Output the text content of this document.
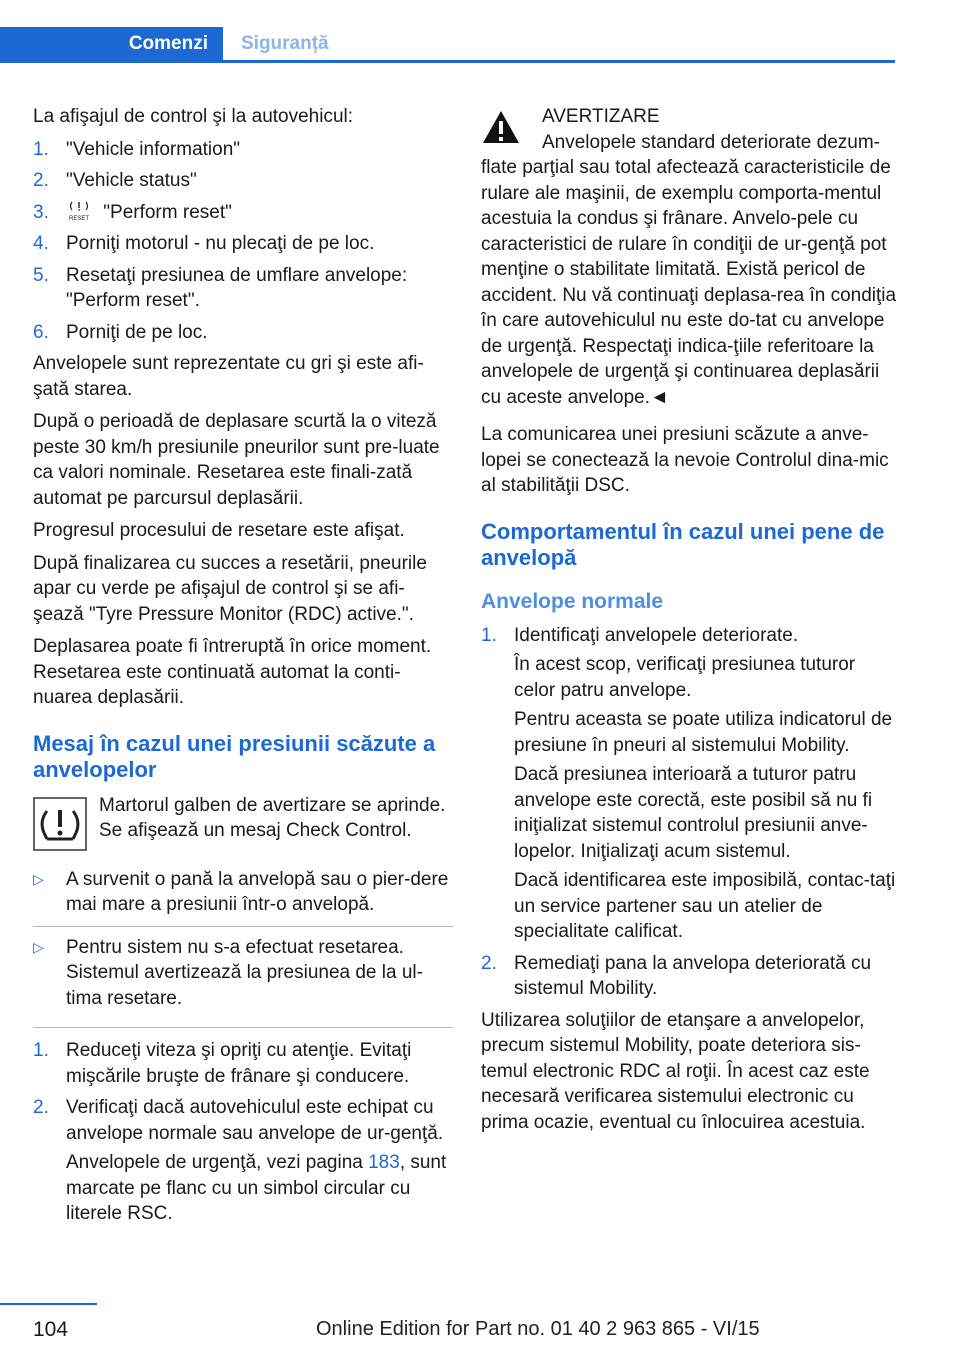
Comenzi	Siguranță

La afişajul de control şi la autovehicul:

1. "Vehicle information"
2. "Vehicle status"
3.	RESET "Perform reset"
4. Porniţi motorul - nu plecaţi de pe loc.
5. Resetaţi presiunea de umflare anvelope: "Perform reset".
6. Porniţi de pe loc.

Anvelopele sunt reprezentate cu gri şi este afi‐şată starea.

După o perioadă de deplasare scurtă la o viteză peste 30 km/h presiunile pneurilor sunt pre‐luate ca valori nominale. Resetarea este finali‐zată automat pe parcursul deplasării.

Progresul procesului de resetare este afişat.

După finalizarea cu succes a resetării, pneurile apar cu verde pe afişajul de control şi se afi‐şează "Tyre Pressure Monitor (RDC) active.".

Deplasarea poate fi întreruptă în orice moment. Resetarea este continuată automat la conti‐nuarea deplasării.

Mesaj în cazul unei presiunii scăzute a anvelopelor
Martorul galben de avertizare se aprinde. Se afişează un mesaj Check Control.
▷ A survenit o pană la anvelopă sau o pier‐dere mai mare a presiunii într-o anvelopă.
▷ Pentru sistem nu s-a efectuat resetarea. Sistemul avertizează la presiunea de la ul‐tima resetare.
1. Reduceţi viteza şi opriţi cu atenţie. Evitaţi mişcările bruşte de frânare şi conducere.
2. Verificaţi dacă autovehiculul este echipat cu anvelope normale sau anvelope de ur‐genţă.
Anvelopele de urgenţă, vezi pagina 183, sunt marcate pe flanc cu un simbol circular cu literele RSC.
AVERTIZARE
Anvelopele standard deteriorate dezum‐
flate parţial sau total afectează caracteristicile de rulare ale maşinii, de exemplu comporta‐mentul acestuia la condus şi frânare. Anvelo‐pele cu caracteristici de rulare în condiţii de ur‐genţă pot menţine o stabilitate limitată. Există pericol de accident. Nu vă continuaţi deplasa‐rea în condiţia în care autovehiculul nu este do‐tat cu anvelope de urgenţă. Respectaţi indica‐ţiile referitoare la anvelopele de urgenţă şi continuarea deplasării cu aceste anvelope.◄

La comunicarea unei presiuni scăzute a anve‐lopei se conectează la nevoie Controlul dina‐mic al stabilităţii DSC.

Comportamentul în cazul unei pene de anvelopă
Anvelope normale
1. Identificaţi anvelopele deteriorate.
În acest scop, verificaţi presiunea tuturor celor patru anvelope.
Pentru aceasta se poate utiliza indicatorul de presiune în pneuri al sistemului Mobility.
Dacă presiunea interioară a tuturor patru anvelope este corectă, este posibil să nu fi iniţializat sistemul controlul presiunii anve‐lopelor. Iniţializaţi acum sistemul.
Dacă identificarea este imposibilă, contac‐taţi un service partener sau un atelier de specialitate calificat.
2. Remediaţi pana la anvelopa deteriorată cu sistemul Mobility.

Utilizarea soluţiilor de etanşare a anvelopelor, precum sistemul Mobility, poate deteriora sis‐temul electronic RDC al roţii. În acest caz este necesară verificarea sistemului electronic cu prima ocazie, eventual cu înlocuirea acestuia.

104	Online Edition for Part no. 01 40 2 963 865 - VI/15
